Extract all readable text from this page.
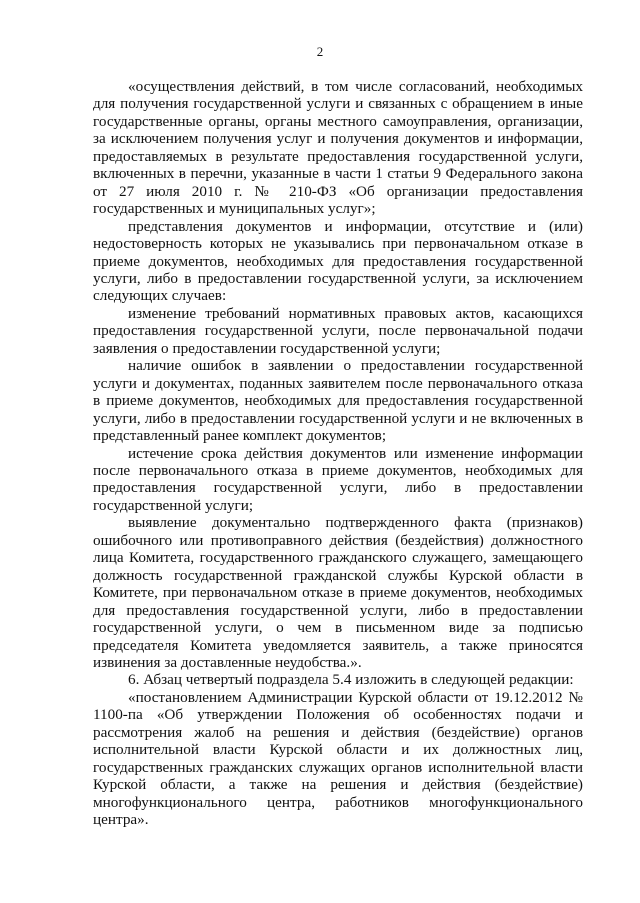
2

«осуществления действий, в том числе согласований, необходимых для получения государственной услуги и связанных с обращением в иные государственные органы, органы местного самоуправления, организации, за исключением получения услуг и получения документов и информации, предоставляемых в результате предоставления государственной услуги, включенных в перечни, указанные в части 1 статьи 9 Федерального закона от 27 июля 2010 г. № 210-ФЗ «Об организации предоставления государственных и муниципальных услуг»;

представления документов и информации, отсутствие и (или) недостоверность которых не указывались при первоначальном отказе в приеме документов, необходимых для предоставления государственной услуги, либо в предоставлении государственной услуги, за исключением следующих случаев:

изменение требований нормативных правовых актов, касающихся предоставления государственной услуги, после первоначальной подачи заявления о предоставлении государственной услуги;

наличие ошибок в заявлении о предоставлении государственной услуги и документах, поданных заявителем после первоначального отказа в приеме документов, необходимых для предоставления государственной услуги, либо в предоставлении государственной услуги и не включенных в представленный ранее комплект документов;

истечение срока действия документов или изменение информации после первоначального отказа в приеме документов, необходимых для предоставления государственной услуги, либо в предоставлении государственной услуги;

выявление документально подтвержденного факта (признаков) ошибочного или противоправного действия (бездействия) должностного лица Комитета, государственного гражданского служащего, замещающего должность государственной гражданской службы Курской области в Комитете, при первоначальном отказе в приеме документов, необходимых для предоставления государственной услуги, либо в предоставлении государственной услуги, о чем в письменном виде за подписью председателя Комитета уведомляется заявитель, а также приносятся извинения за доставленные неудобства.».

6. Абзац четвертый подраздела 5.4 изложить в следующей редакции:

«постановлением Администрации Курской области от 19.12.2012 № 1100-па «Об утверждении Положения об особенностях подачи и рассмотрения жалоб на решения и действия (бездействие) органов исполнительной власти Курской области и их должностных лиц, государственных гражданских служащих органов исполнительной власти Курской области, а также на решения и действия (бездействие) многофункционального центра, работников многофункционального центра».
